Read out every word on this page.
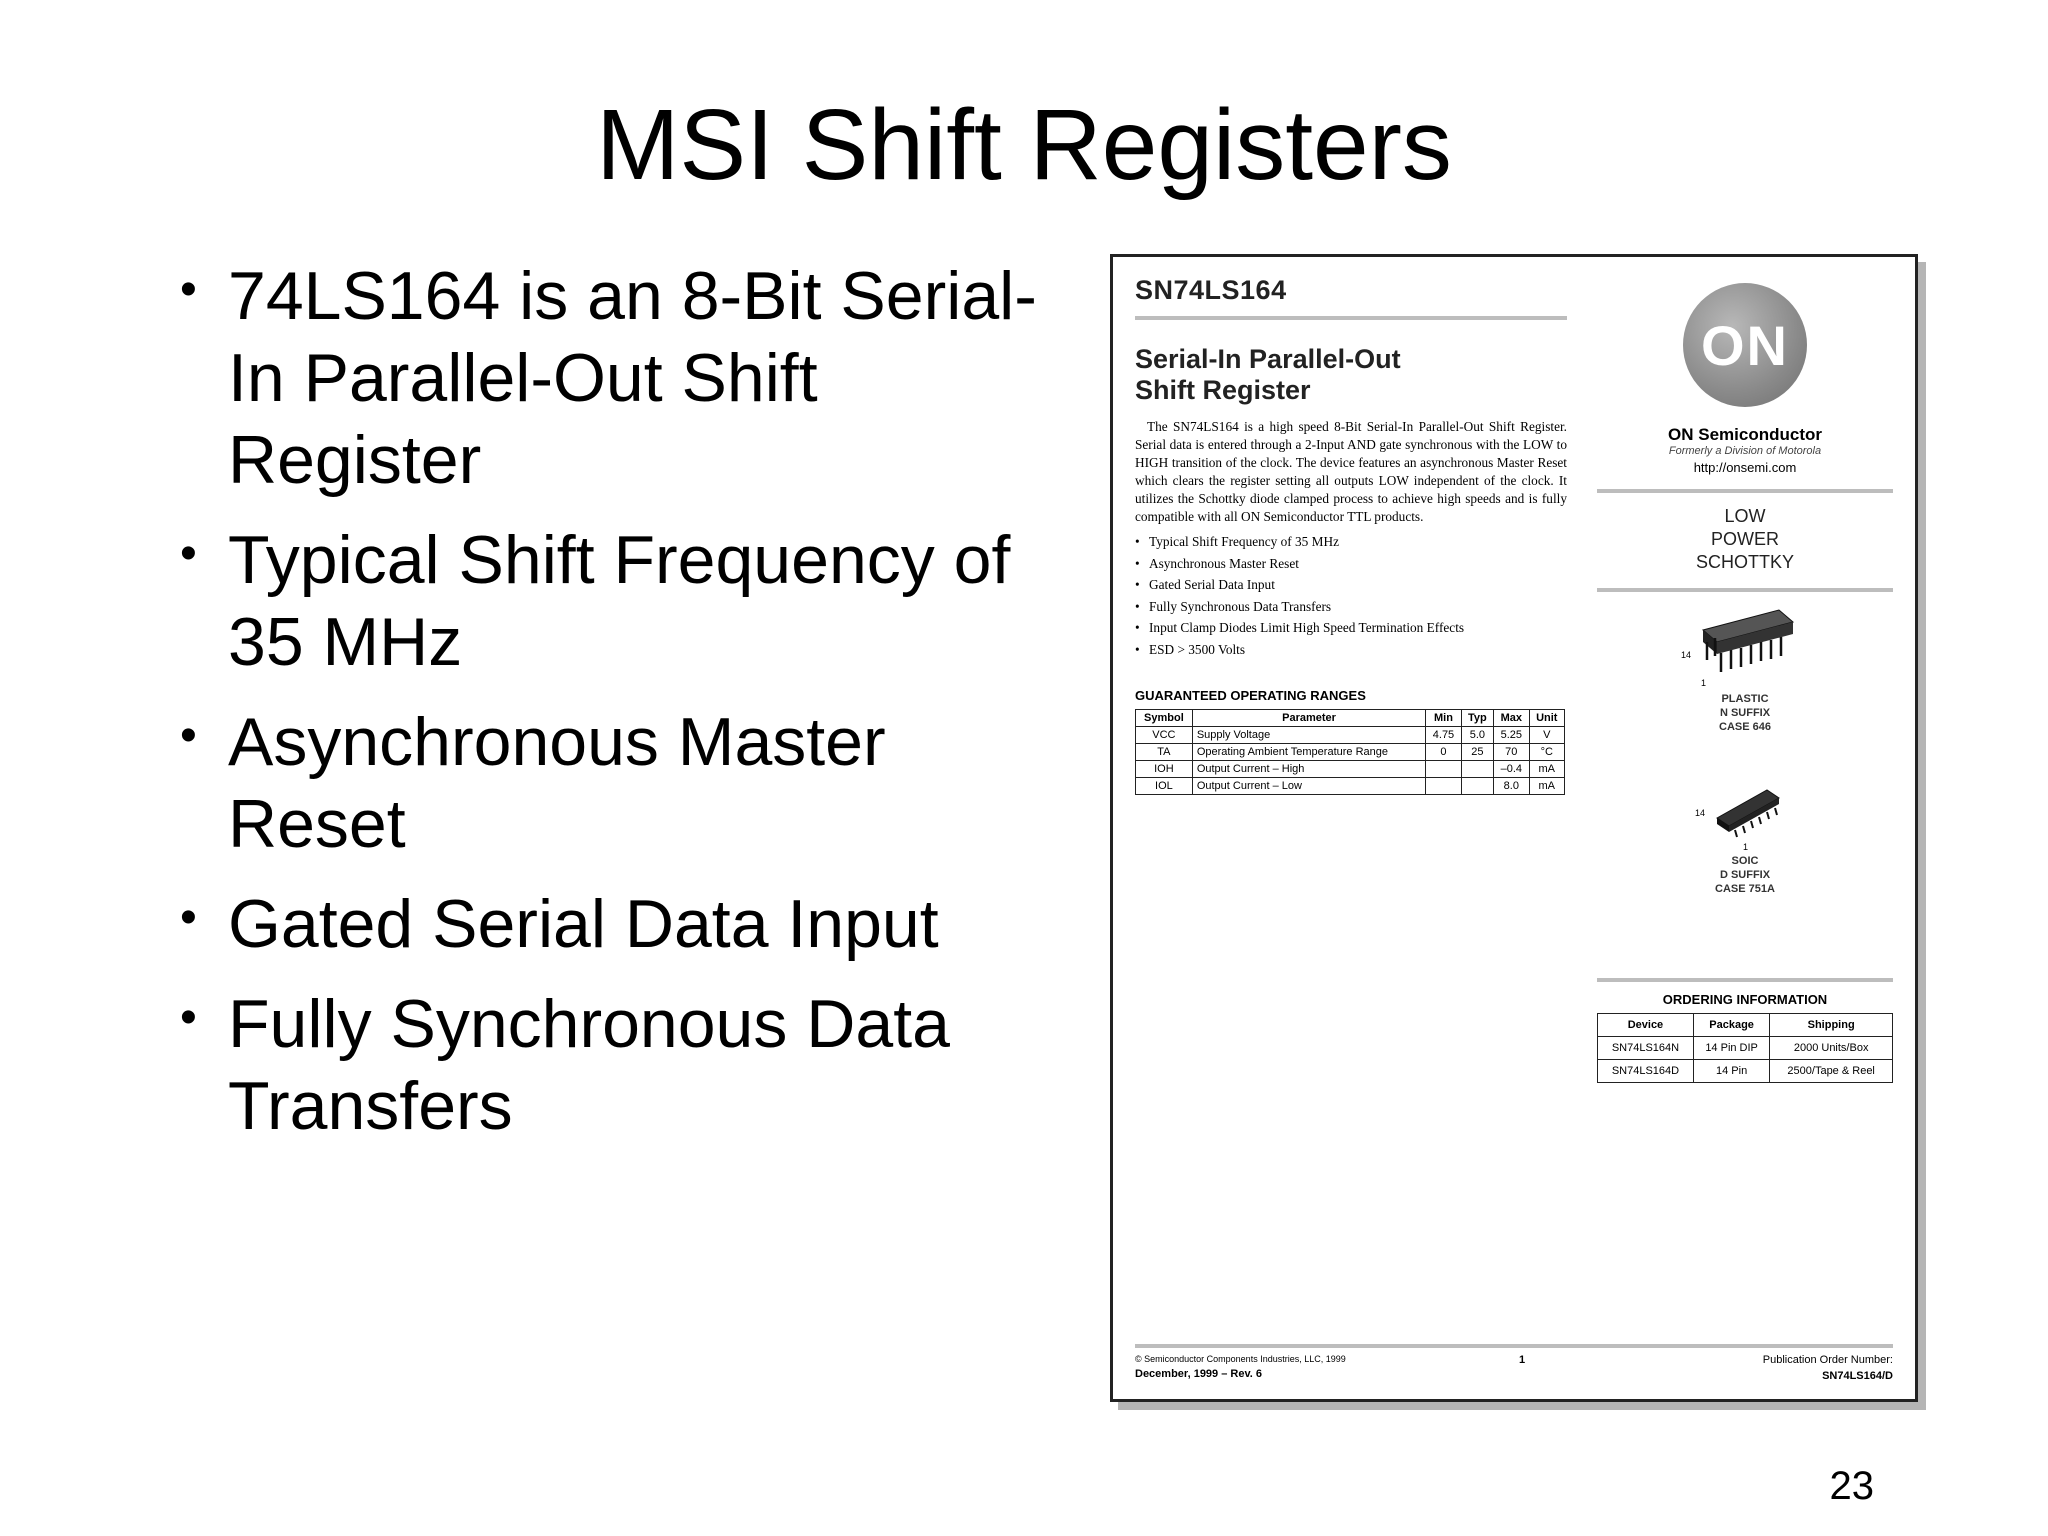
MSI Shift Registers
• 74LS164 is an 8-Bit Serial-In Parallel-Out Shift Register
• Typical Shift Frequency of 35 MHz
• Asynchronous Master Reset
• Gated Serial Data Input
• Fully Synchronous Data Transfers
SN74LS164
Serial-In Parallel-Out
Shift Register
The SN74LS164 is a high speed 8-Bit Serial-In Parallel-Out Shift Register. Serial data is entered through a 2-Input AND gate synchronous with the LOW to HIGH transition of the clock. The device features an asynchronous Master Reset which clears the register setting all outputs LOW independent of the clock. It utilizes the Schottky diode clamped process to achieve high speeds and is fully compatible with all ON Semiconductor TTL products.
• Typical Shift Frequency of 35 MHz
• Asynchronous Master Reset
• Gated Serial Data Input
• Fully Synchronous Data Transfers
• Input Clamp Diodes Limit High Speed Termination Effects
• ESD > 3500 Volts
GUARANTEED OPERATING RANGES
Symbol	Parameter	Min	Typ	Max	Unit
VCC	Supply Voltage	4.75	5.0	5.25	V
TA	Operating Ambient Temperature Range	0	25	70	°C
IOH	Output Current – High			–0.4	mA
IOL	Output Current – Low			8.0	mA
ON
ON Semiconductor
Formerly a Division of Motorola
http://onsemi.com
LOW
POWER
SCHOTTKY
14
1
PLASTIC
N SUFFIX
CASE 646
14
1
SOIC
D SUFFIX
CASE 751A
ORDERING INFORMATION
Device	Package	Shipping
SN74LS164N	14 Pin DIP	2000 Units/Box
SN74LS164D	14 Pin	2500/Tape & Reel
© Semiconductor Components Industries, LLC, 1999
December, 1999 – Rev. 6
1	Publication Order Number:
SN74LS164/D
23
